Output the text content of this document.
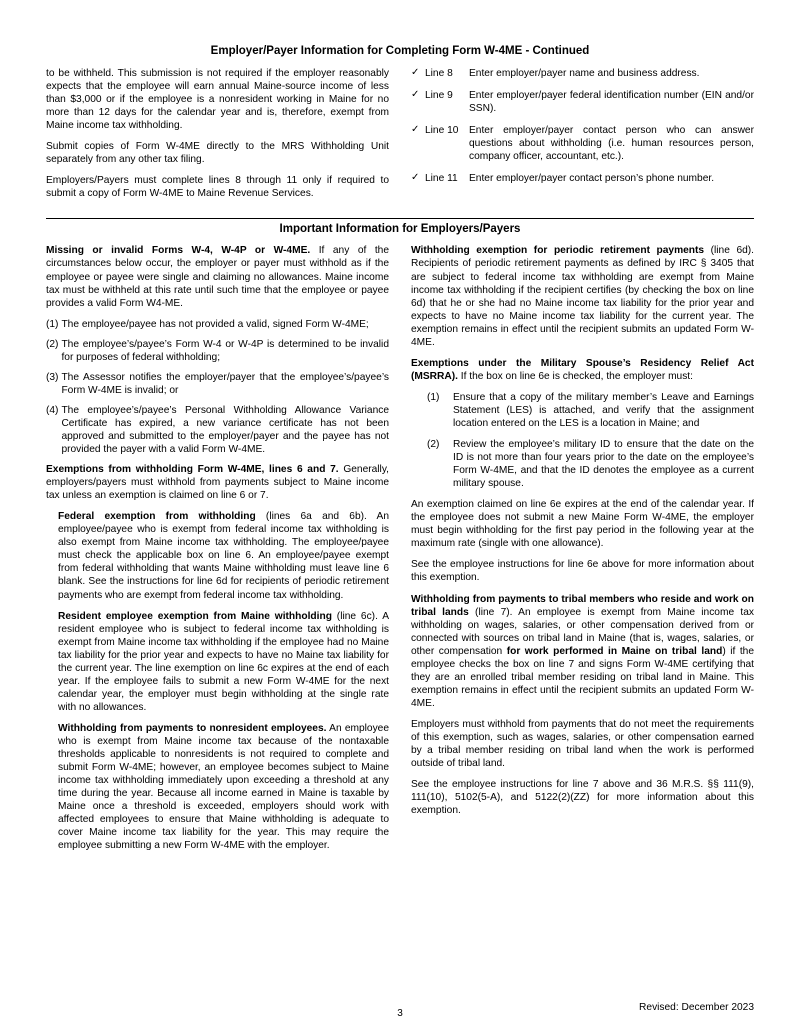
Employer/Payer Information for Completing Form W-4ME - Continued

to be withheld. This submission is not required if the employer reasonably expects that the employee will earn annual Maine-source income of less than $3,000 or if the employee is a nonresident working in Maine for no more than 12 days for the calendar year and is, therefore, exempt from Maine income tax withholding.

Submit copies of Form W-4ME directly to the MRS Withholding Unit separately from any other tax filing.

Employers/Payers must complete lines 8 through 11 only if required to submit a copy of Form W-4ME to Maine Revenue Services.

✓ Line 8	Enter employer/payer name and business address.
✓ Line 9	Enter employer/payer federal identification number (EIN and/or SSN).
✓ Line 10	Enter employer/payer contact person who can answer questions about withholding (i.e. human resources person, company officer, accountant, etc.).
✓ Line 11	Enter employer/payer contact person’s phone number.
Important Information for Employers/Payers

Missing or invalid Forms W-4, W-4P or W-4ME. If any of the circumstances below occur, the employer or payer must withhold as if the employee or payee were single and claiming no allowances. Maine income tax must be withheld at this rate until such time that the employee or payee provides a valid Form W4-ME.

(1) The employee/payee has not provided a valid, signed Form W-4ME;
(2) The employee’s/payee’s Form W-4 or W-4P is determined to be invalid for purposes of federal withholding;
(3) The Assessor notifies the employer/payer that the employee’s/payee’s Form W-4ME is invalid; or
(4) The employee’s/payee’s Personal Withholding Allowance Variance Certificate has expired, a new variance certificate has not been approved and submitted to the employer/payer and the payee has not provided the payer with a valid Form W-4ME.

Exemptions from withholding Form W-4ME, lines 6 and 7. Generally, employers/payers must withhold from payments subject to Maine income tax unless an exemption is claimed on line 6 or 7.

Federal exemption from withholding (lines 6a and 6b). An employee/payee who is exempt from federal income tax withholding is also exempt from Maine income tax withholding. The employee/payee must check the applicable box on line 6. An employee/payee exempt from federal withholding that wants Maine withholding must leave line 6 blank. See the instructions for line 6d for recipients of periodic retirement payments who are exempt from federal income tax withholding.

Resident employee exemption from Maine withholding (line 6c). A resident employee who is subject to federal income tax withholding is exempt from Maine income tax withholding if the employee had no Maine tax liability for the prior year and expects to have no Maine tax liability for the current year. The line exemption on line 6c expires at the end of each year. If the employee fails to submit a new Form W-4ME for the next calendar year, the employer must begin withholding at the single rate with no allowances.

Withholding from payments to nonresident employees. An employee who is exempt from Maine income tax because of the nontaxable thresholds applicable to nonresidents is not required to complete and submit Form W-4ME; however, an employee becomes subject to Maine income tax withholding immediately upon exceeding a threshold at any time during the year. Because all income earned in Maine is taxable by Maine once a threshold is exceeded, employers should work with affected employees to ensure that Maine withholding is adequate to cover Maine income tax liability for the year. This may require the employee submitting a new Form W-4ME with the employer.

Withholding exemption for periodic retirement payments (line 6d). Recipients of periodic retirement payments as defined by IRC § 3405 that are subject to federal income tax withholding are exempt from Maine income tax withholding if the recipient certifies (by checking the box on line 6d) that he or she had no Maine income tax liability for the prior year and expects to have no Maine income tax liability for the current year. The exemption remains in effect until the recipient submits an updated Form W-4ME.

Exemptions under the Military Spouse’s Residency Relief Act (MSRRA). If the box on line 6e is checked, the employer must:

(1)	Ensure that a copy of the military member’s Leave and Earnings Statement (LES) is attached, and verify that the assignment location entered on the LES is a location in Maine; and
(2)	Review the employee’s military ID to ensure that the date on the ID is not more than four years prior to the date on the employee’s Form W-4ME, and that the ID denotes the employee as a current military spouse.

An exemption claimed on line 6e expires at the end of the calendar year. If the employee does not submit a new Maine Form W-4ME, the employer must begin withholding for the first pay period in the following year at the maximum rate (single with one allowance).

See the employee instructions for line 6e above for more information about this exemption.

Withholding from payments to tribal members who reside and work on tribal lands (line 7). An employee is exempt from Maine income tax withholding on wages, salaries, or other compensation derived from or connected with sources on tribal land in Maine (that is, wages, salaries, or other compensation for work performed in Maine on tribal land) if the employee checks the box on line 7 and signs Form W-4ME certifying that they are an enrolled tribal member residing on tribal land in Maine. This exemption remains in effect until the recipient submits an updated Form W-4ME.

Employers must withhold from payments that do not meet the requirements of this exemption, such as wages, salaries, or other compensation earned by a tribal member residing on tribal land when the work is performed outside of tribal land.

See the employee instructions for line 7 above and 36 M.R.S. §§ 111(9), 111(10), 5102(5-A), and 5122(2)(ZZ) for more information about this exemption.

3
Revised: December 2023
